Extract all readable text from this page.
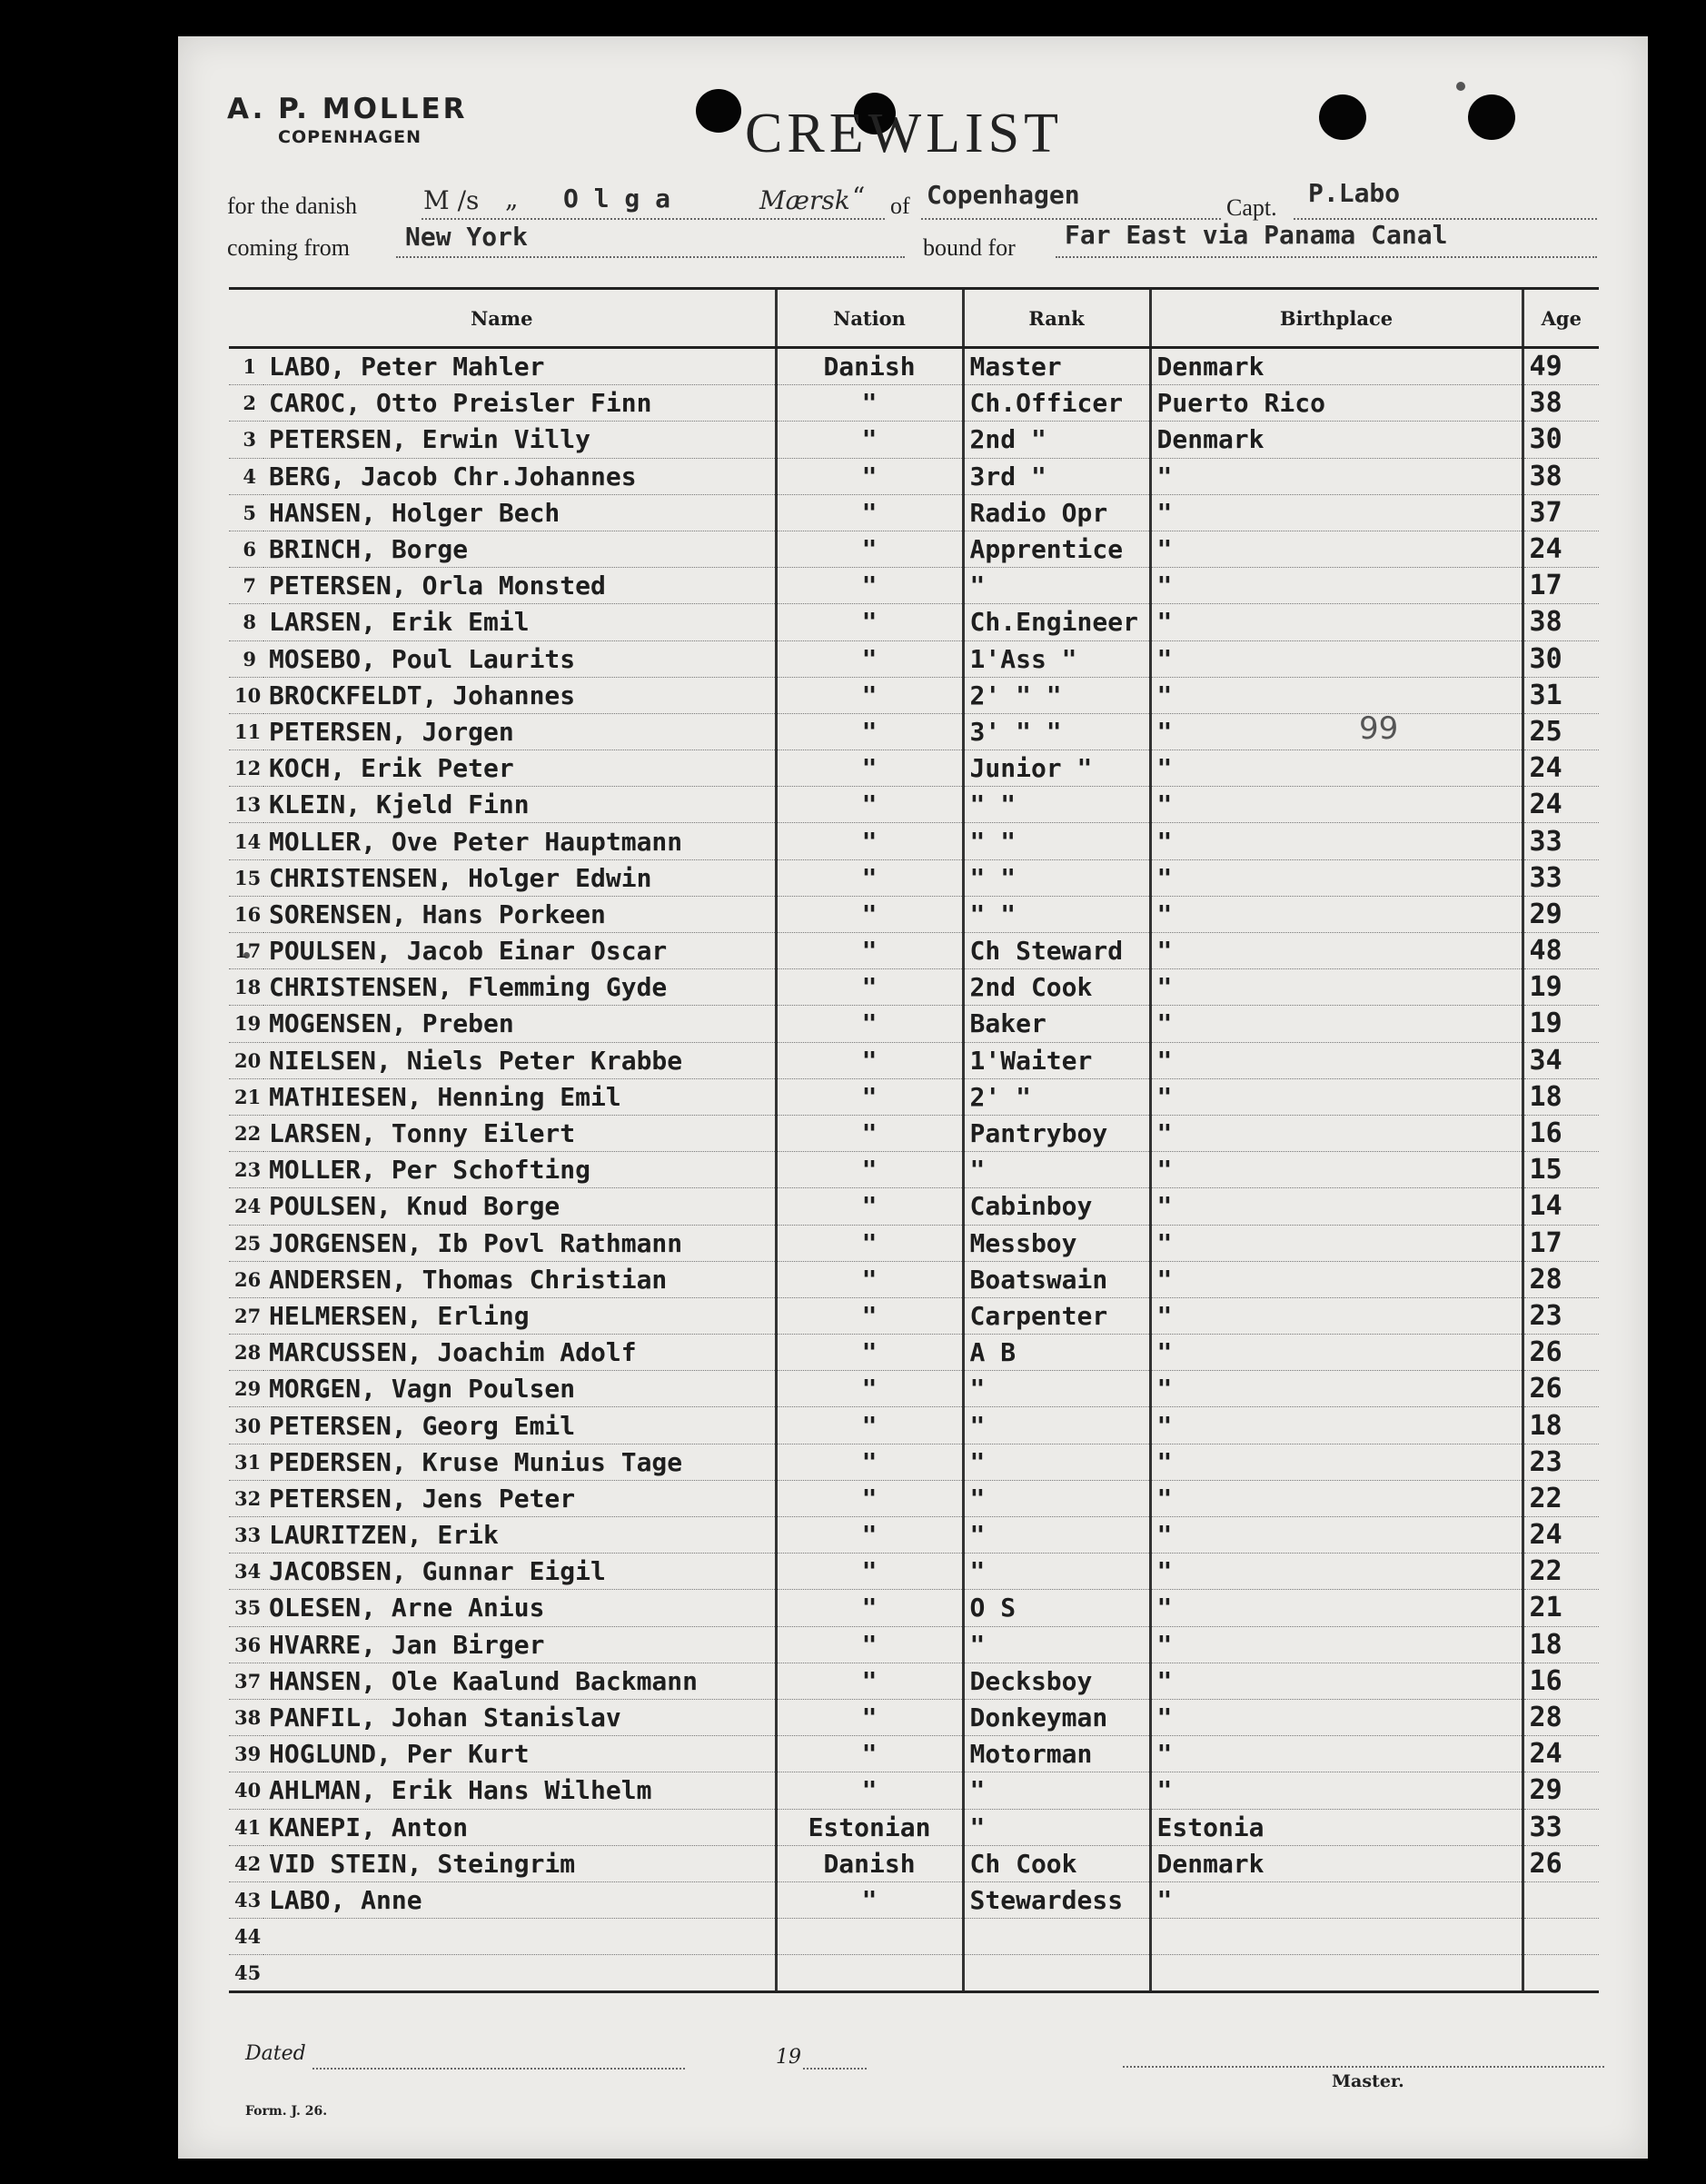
A. P. MOLLER
COPENHAGEN	CREWLIST
for the danish	M /s „ O l g a	Mærsk “ of Copenhagen	Capt. P.Labo
coming from New York	bound for Far East via Panama Canal
Name		Nation	Rank	Birthplace	Age
1	LABO, Peter Mahler	Danish	Master	Denmark	49
2	CAROC, Otto Preisler Finn	"	Ch.Officer	Puerto Rico	38
3	PETERSEN, Erwin Villy	"	2nd "	Denmark	30
4	BERG, Jacob Chr.Johannes	"	3rd "	"	38
5	HANSEN, Holger Bech	"	Radio Opr	"	37
6	BRINCH, Borge	"	Apprentice	"	24
7	PETERSEN, Orla Monsted	"	"	"	17
8	LARSEN, Erik Emil	"	Ch.Engineer	"	38
9	MOSEBO, Poul Laurits	"	1'Ass "	"	30
10	BROCKFELDT, Johannes	"	2' " "	"	31
11	PETERSEN, Jorgen	"	3' " "	"	25
12	KOCH, Erik Peter	"	Junior "	"	24
13	KLEIN, Kjeld Finn	"	" "	"	24
14	MOLLER, Ove Peter Hauptmann	"	" "	"	33
15	CHRISTENSEN, Holger Edwin	"	" "	"	33
16	SORENSEN, Hans Porkeen	"	" "	"	29
17	POULSEN, Jacob Einar Oscar	"	Ch Steward	"	48
18	CHRISTENSEN, Flemming Gyde	"	2nd Cook	"	19
19	MOGENSEN, Preben	"	Baker	"	19
20	NIELSEN, Niels Peter Krabbe	"	1'Waiter	"	34
21	MATHIESEN, Henning Emil	"	2' "	"	18
22	LARSEN, Tonny Eilert	"	Pantryboy	"	16
23	MOLLER, Per Schofting	"	"	"	15
24	POULSEN, Knud Borge	"	Cabinboy	"	14
25	JORGENSEN, Ib Povl Rathmann	"	Messboy	"	17
26	ANDERSEN, Thomas Christian	"	Boatswain	"	28
27	HELMERSEN, Erling	"	Carpenter	"	23
28	MARCUSSEN, Joachim Adolf	"	A B	"	26
29	MORGEN, Vagn Poulsen	"	"	"	26
30	PETERSEN, Georg Emil	"	"	"	18
31	PEDERSEN, Kruse Munius Tage	"	"	"	23
32	PETERSEN, Jens Peter	"	"	"	22
33	LAURITZEN, Erik	"	"	"	24
34	JACOBSEN, Gunnar Eigil	"	"	"	22
35	OLESEN, Arne Anius	"	O S	"	21
36	HVARRE, Jan Birger	"	"	"	18
37	HANSEN, Ole Kaalund Backmann	"	Decksboy	"	16
38	PANFIL, Johan Stanislav	"	Donkeyman	"	28
39	HOGLUND, Per Kurt	"	Motorman	"	24
40	AHLMAN, Erik Hans Wilhelm	"	"	"	29
41	KANEPI, Anton	Estonian	"	Estonia	33
42	VID STEIN, Steingrim	Danish	Ch Cook	Denmark	26
43	LABO, Anne	"	Stewardess	"	
44					
45					
99
Dated	19
Master.
Form. J. 26.
